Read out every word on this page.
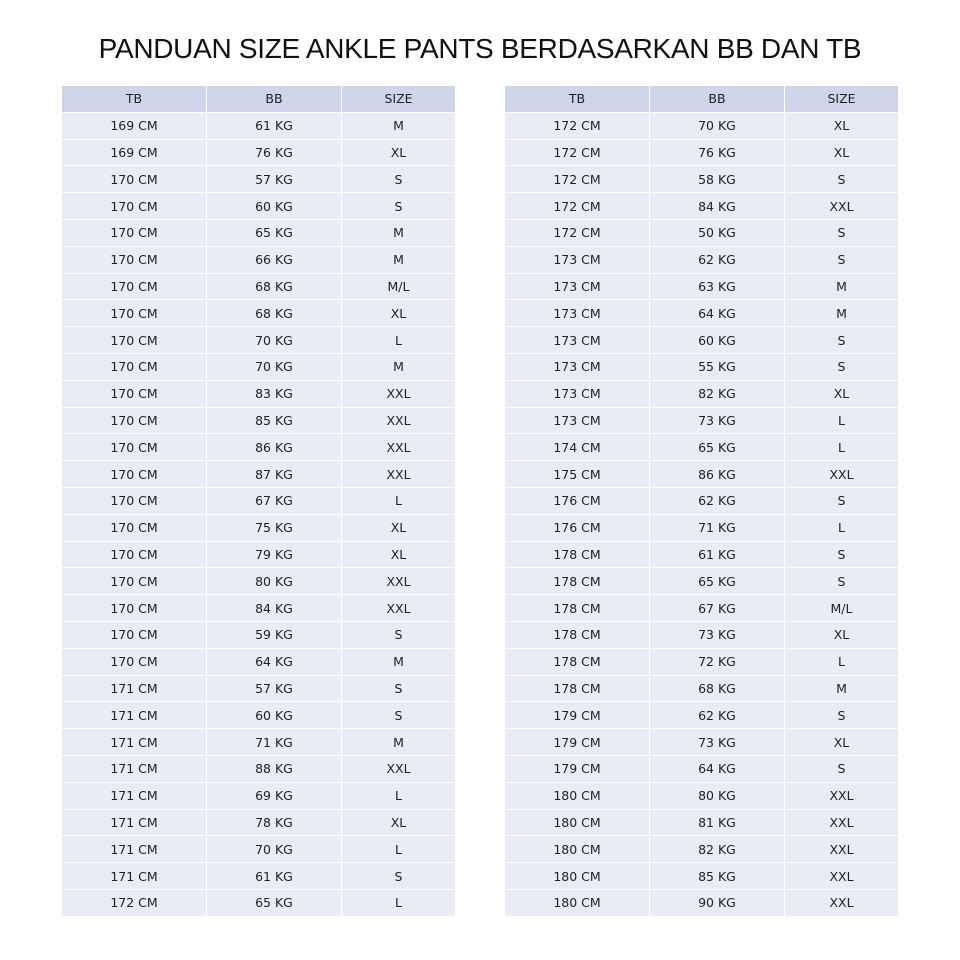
PANDUAN SIZE ANKLE PANTS BERDASARKAN BB DAN TB
TB	BB	SIZE
169 CM	61 KG	M
169 CM	76 KG	XL
170 CM	57 KG	S
170 CM	60 KG	S
170 CM	65 KG	M
170 CM	66 KG	M
170 CM	68 KG	M/L
170 CM	68 KG	XL
170 CM	70 KG	L
170 CM	70 KG	M
170 CM	83 KG	XXL
170 CM	85 KG	XXL
170 CM	86 KG	XXL
170 CM	87 KG	XXL
170 CM	67 KG	L
170 CM	75 KG	XL
170 CM	79 KG	XL
170 CM	80 KG	XXL
170 CM	84 KG	XXL
170 CM	59 KG	S
170 CM	64 KG	M
171 CM	57 KG	S
171 CM	60 KG	S
171 CM	71 KG	M
171 CM	88 KG	XXL
171 CM	69 KG	L
171 CM	78 KG	XL
171 CM	70 KG	L
171 CM	61 KG	S
172 CM	65 KG	L
TB	BB	SIZE
172 CM	70 KG	XL
172 CM	76 KG	XL
172 CM	58 KG	S
172 CM	84 KG	XXL
172 CM	50 KG	S
173 CM	62 KG	S
173 CM	63 KG	M
173 CM	64 KG	M
173 CM	60 KG	S
173 CM	55 KG	S
173 CM	82 KG	XL
173 CM	73 KG	L
174 CM	65 KG	L
175 CM	86 KG	XXL
176 CM	62 KG	S
176 CM	71 KG	L
178 CM	61 KG	S
178 CM	65 KG	S
178 CM	67 KG	M/L
178 CM	73 KG	XL
178 CM	72 KG	L
178 CM	68 KG	M
179 CM	62 KG	S
179 CM	73 KG	XL
179 CM	64 KG	S
180 CM	80 KG	XXL
180 CM	81 KG	XXL
180 CM	82 KG	XXL
180 CM	85 KG	XXL
180 CM	90 KG	XXL
